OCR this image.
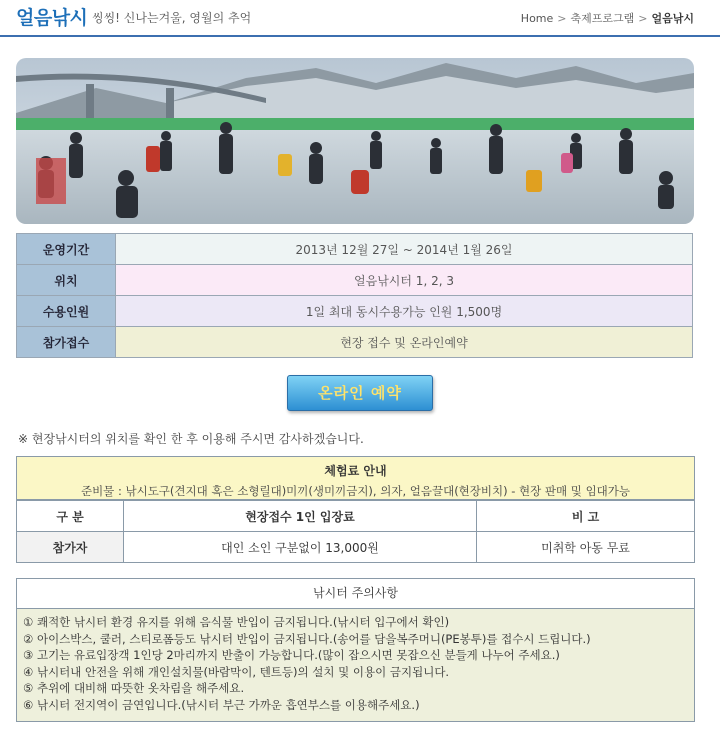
얼음낚시 씽씽! 신나는겨울, 영월의 추억	Home > 축제프로그램 > 얼음낚시
운영기간	2013년 12월 27일 ~ 2014년 1월 26일
위치	얼음낚시터 1, 2, 3
수용인원	1일 최대 동시수용가능 인원 1,500명
참가접수	현장 접수 및 온라인예약
온라인 예약
※ 현장낚시터의 위치를 확인 한 후 이용해 주시면 감사하겠습니다.
체험료 안내
준비물 : 낚시도구(견지대 혹은 소형릴대)미끼(생미끼금지), 의자, 얼음끌대(현장비치) - 현장 판매 및 임대가능
구 분	현장접수 1인 입장료	비 고
참가자	대인 소인 구분없이 13,000원	미취학 아동 무료
낚시터 주의사항
① 쾌적한 낚시터 환경 유지를 위해 음식물 반입이 금지됩니다.(낚시터 입구에서 확인)
② 아이스박스, 쿨러, 스티로폼등도 낚시터 반입이 금지됩니다.(송어를 담을복주머니(PE봉투)를 접수시 드립니다.)
③ 고기는 유료입장객 1인당 2마리까지 반출이 가능합니다.(많이 잡으시면 못잡으신 분들게 나누어 주세요.)
④ 낚시터내 안전을 위해 개인설치물(바람막이, 텐트등)의 설치 및 이용이 금지됩니다.
⑤ 추위에 대비해 따뜻한 옷차림을 해주세요.
⑥ 낚시터 전지역이 금연입니다.(낚시터 부근 가까운 흡연부스를 이용해주세요.)
